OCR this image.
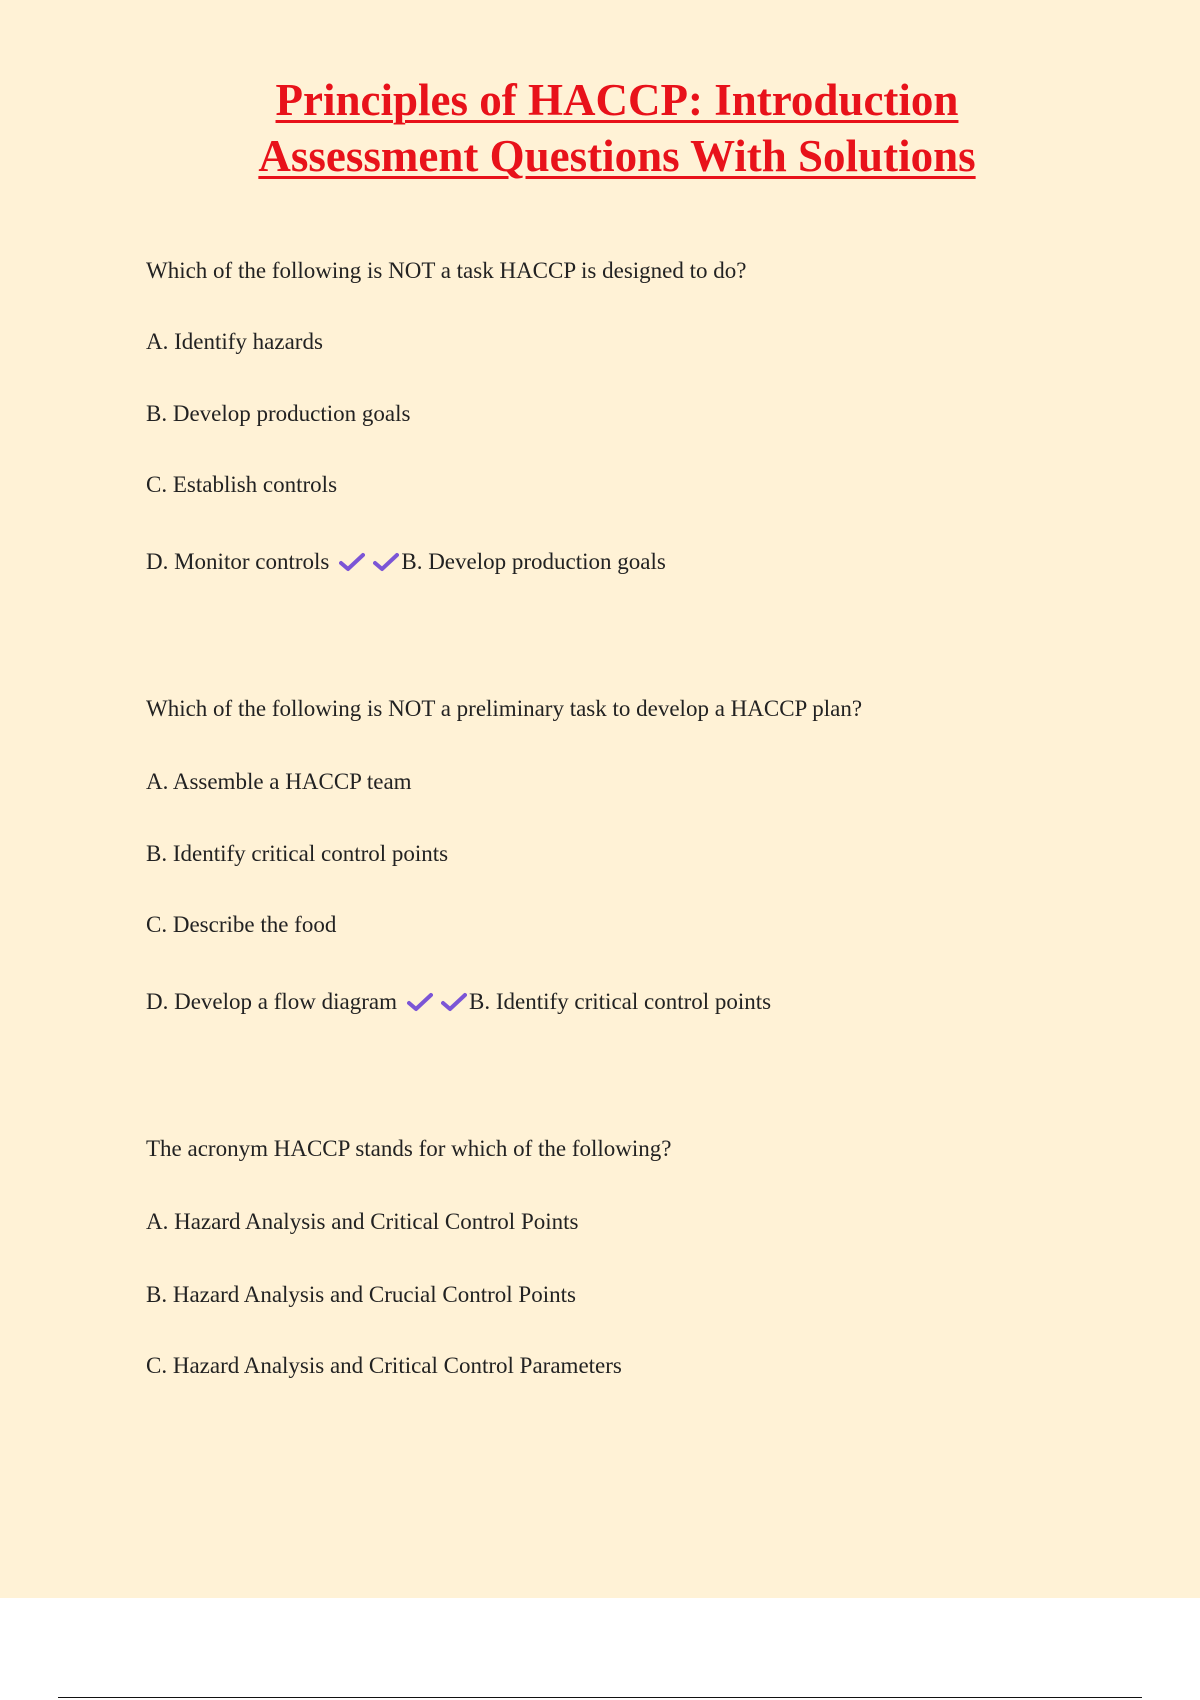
Principles of HACCP: Introduction
Assessment Questions With Solutions
Which of the following is NOT a task HACCP is designed to do?
A. Identify hazards
B. Develop production goals
C. Establish controls
D. Monitor controls	B. Develop production goals
Which of the following is NOT a preliminary task to develop a HACCP plan?
A. Assemble a HACCP team
B. Identify critical control points
C. Describe the food
D. Develop a flow diagram	B. Identify critical control points
The acronym HACCP stands for which of the following?
A. Hazard Analysis and Critical Control Points
B. Hazard Analysis and Crucial Control Points
C. Hazard Analysis and Critical Control Parameters
